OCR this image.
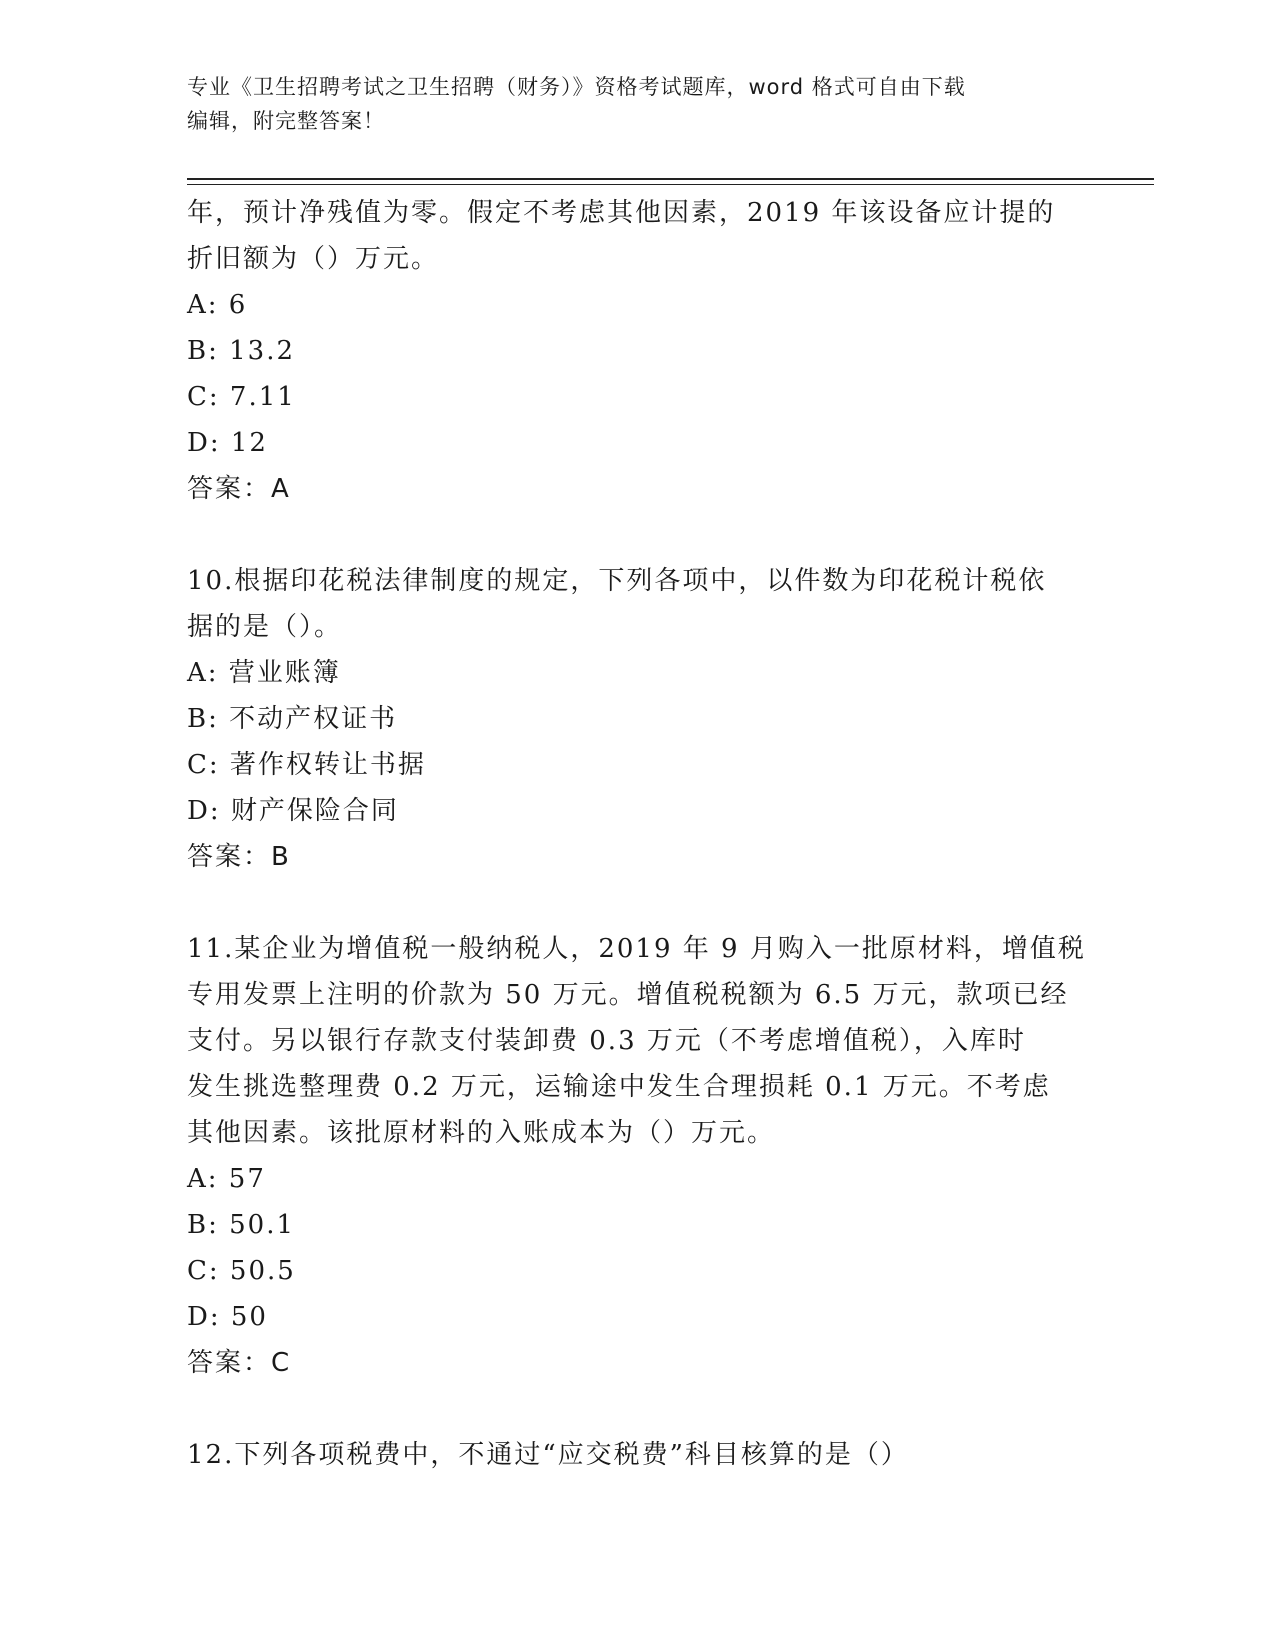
专业《卫生招聘考试之卫生招聘（财务）》资格考试题库，word 格式可自由下载
编辑，附完整答案！

年，预计净残值为零。假定不考虑其他因素，2019 年该设备应计提的

折旧额为（）万元。

A: 6

B: 13.2

C: 7.11

D: 12

答案：A

10.根据印花税法律制度的规定，下列各项中，以件数为印花税计税依

据的是（）。

A: 营业账簿

B: 不动产权证书

C: 著作权转让书据

D: 财产保险合同

答案：B

11.某企业为增值税一般纳税人，2019 年 9 月购入一批原材料，增值税

专用发票上注明的价款为 50 万元。增值税税额为 6.5 万元，款项已经

支付。另以银行存款支付装卸费 0.3 万元（不考虑增值税），入库时

发生挑选整理费 0.2 万元，运输途中发生合理损耗 0.1 万元。不考虑

其他因素。该批原材料的入账成本为（）万元。

A: 57

B: 50.1

C: 50.5

D: 50

答案：C

12.下列各项税费中，不通过“应交税费”科目核算的是（）
